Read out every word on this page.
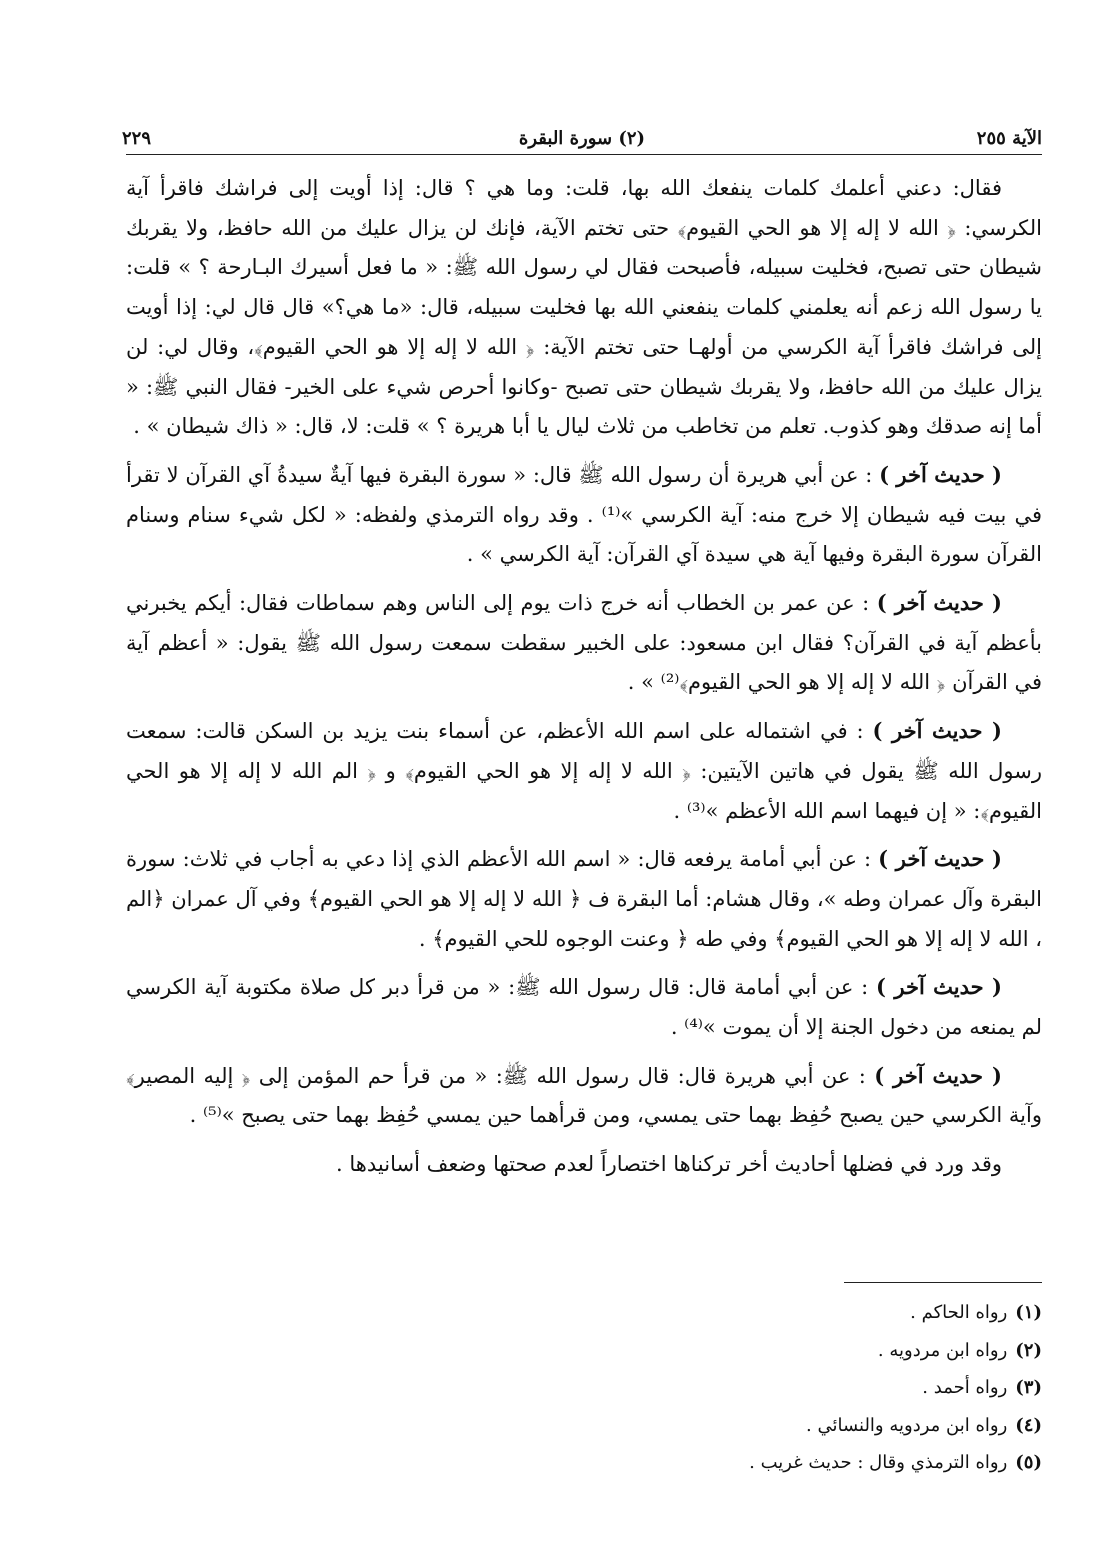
الآية ٢٥٥
(٢) سورة البقرة
٢٢٩

فقال: دعني أعلمك كلمات ينفعك الله بها، قلت: وما هي ؟ قال: إذا أويت إلى فراشك فاقرأ آية الكرسي: ﴿ الله لا إله إلا هو الحي القيوم﴾ حتى تختم الآية، فإنك لن يزال عليك من الله حافظ، ولا يقربك شيطان حتى تصبح، فخليت سبيله، فأصبحت فقال لي رسول الله ﷺ: « ما فعل أسيرك البـارحة ؟ » قلت: يا رسول الله زعم أنه يعلمني كلمات ينفعني الله بها فخليت سبيله، قال: «ما هي؟» قال قال لي: إذا أويت إلى فراشك فاقرأ آية الكرسي من أولهـا حتى تختم الآية: ﴿ الله لا إله إلا هو الحي القيوم﴾، وقال لي: لن يزال عليك من الله حافظ، ولا يقربك شيطان حتى تصبح -وكانوا أحرص شيء على الخير- فقال النبي ﷺ: « أما إنه صدقك وهو كذوب. تعلم من تخاطب من ثلاث ليال يا أبا هريرة ؟ » قلت: لا، قال: « ذاك شيطان » .

( حديث آخر ) : عن أبي هريرة أن رسول الله ﷺ قال: « سورة البقرة فيها آيةٌ سيدةُ آي القرآن لا تقرأ في بيت فيه شيطان إلا خرج منه: آية الكرسي »⁽¹⁾ . وقد رواه الترمذي ولفظه: « لكل شيء سنام وسنام القرآن سورة البقرة وفيها آية هي سيدة آي القرآن: آية الكرسي » .

( حديث آخر ) : عن عمر بن الخطاب أنه خرج ذات يوم إلى الناس وهم سماطات فقال: أيكم يخبرني بأعظم آية في القرآن؟ فقال ابن مسعود: على الخبير سقطت سمعت رسول الله ﷺ يقول: « أعظم آية في القرآن ﴿ الله لا إله إلا هو الحي القيوم﴾⁽²⁾ » .

( حديث آخر ) : في اشتماله على اسم الله الأعظم، عن أسماء بنت يزيد بن السكن قالت: سمعت رسول الله ﷺ يقول في هاتين الآيتين: ﴿ الله لا إله إلا هو الحي القيوم﴾ و ﴿ الم الله لا إله إلا هو الحي القيوم﴾: « إن فيهما اسم الله الأعظم »⁽³⁾ .

( حديث آخر ) : عن أبي أمامة يرفعه قال: « اسم الله الأعظم الذي إذا دعي به أجاب في ثلاث: سورة البقرة وآل عمران وطه »، وقال هشام: أما البقرة ف ﴿ الله لا إله إلا هو الحي القيوم﴾ وفي آل عمران ﴿الم ، الله لا إله إلا هو الحي القيوم﴾ وفي طه ﴿ وعنت الوجوه للحي القيوم﴾ .

( حديث آخر ) : عن أبي أمامة قال: قال رسول الله ﷺ: « من قرأ دبر كل صلاة مكتوبة آية الكرسي لم يمنعه من دخول الجنة إلا أن يموت »⁽⁴⁾ .

( حديث آخر ) : عن أبي هريرة قال: قال رسول الله ﷺ: « من قرأ حم المؤمن إلى ﴿ إليه المصير﴾ وآية الكرسي حين يصبح حُفِظ بهما حتى يمسي، ومن قرأهما حين يمسي حُفِظ بهما حتى يصبح »⁽⁵⁾ .

وقد ورد في فضلها أحاديث أخر تركناها اختصاراً لعدم صحتها وضعف أسانيدها .

(١)رواه الحاكم .
(٢)رواه ابن مردويه .
(٣)رواه أحمد .
(٤)رواه ابن مردويه والنسائي .
(٥)رواه الترمذي وقال : حديث غريب .
